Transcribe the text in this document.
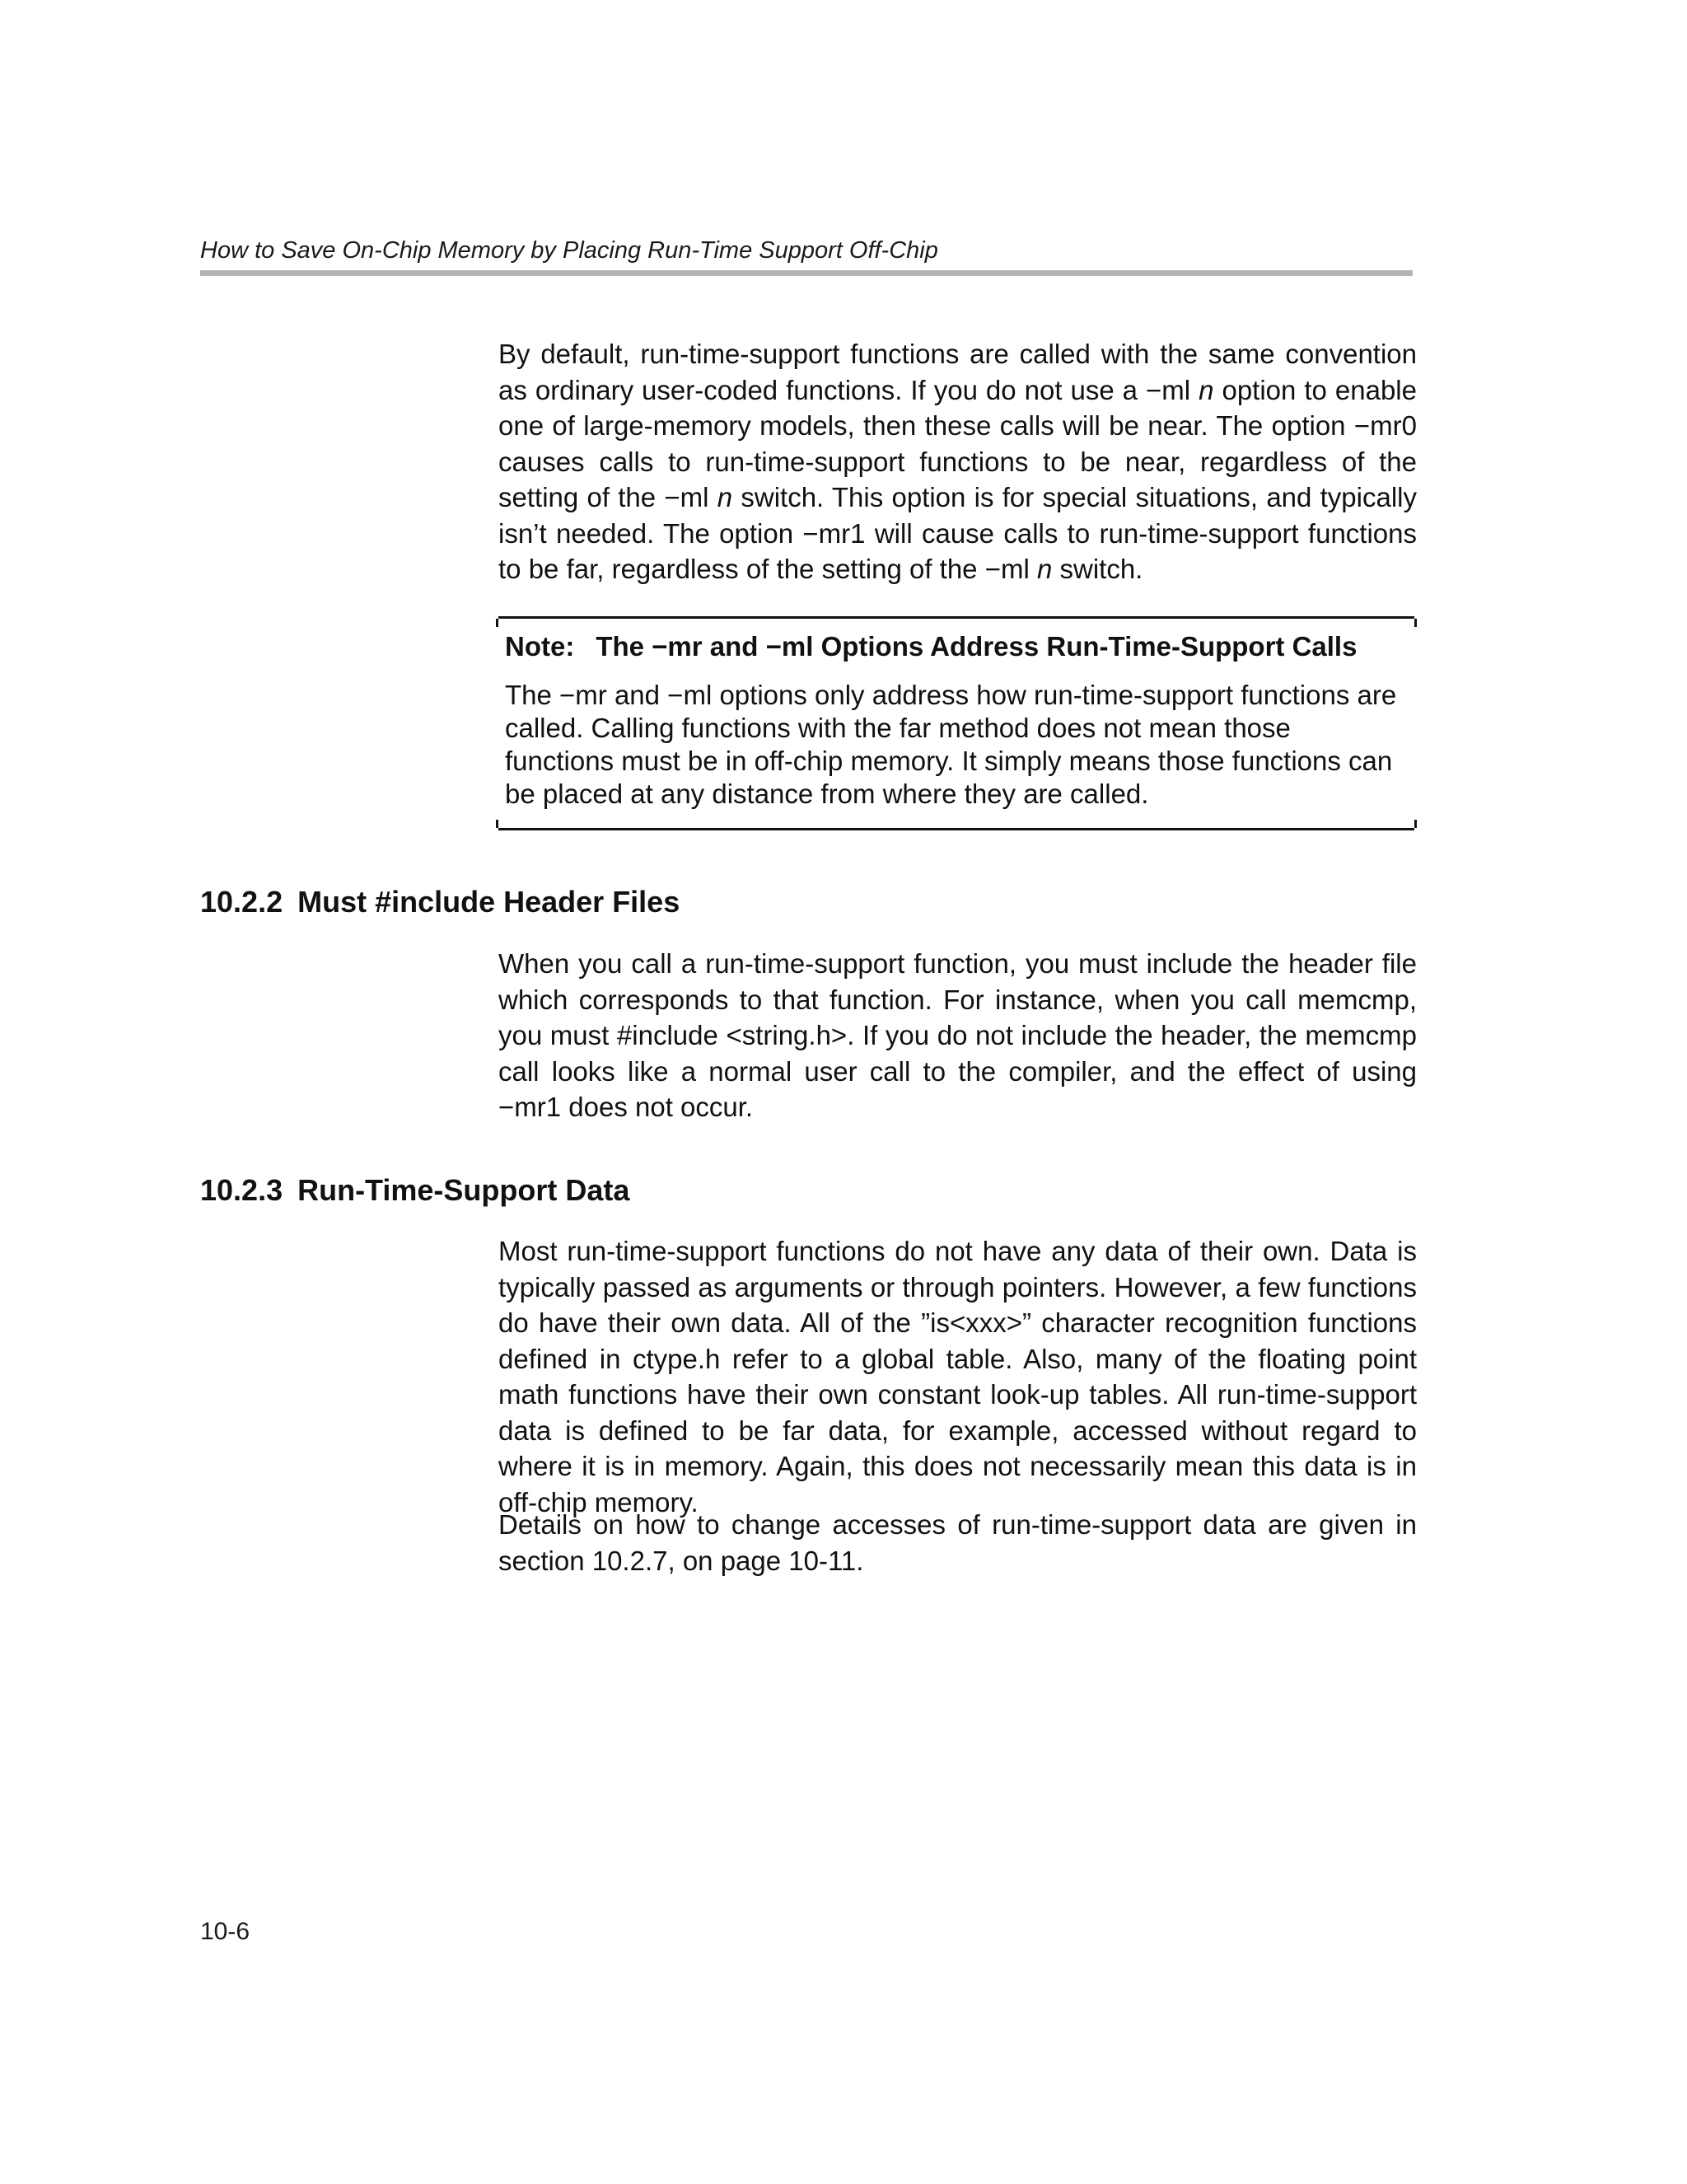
How to Save On-Chip Memory by Placing Run-Time Support Off-Chip

By default, run-time-support functions are called with the same convention as ordinary user-coded functions. If you do not use a −ml n option to enable one of large-memory models, then these calls will be near. The option −mr0 causes calls to run-time-support functions to be near, regardless of the setting of the −ml n switch. This option is for special situations, and typically isn’t needed. The option −mr1 will cause calls to run-time-support functions to be far, regardless of the setting of the −ml n switch.

Note: The −mr and −ml Options Address Run-Time-Support Calls

The −mr and −ml options only address how run-time-support functions are called. Calling functions with the far method does not mean those functions must be in off-chip memory. It simply means those functions can be placed at any distance from where they are called.

10.2.2 Must #include Header Files

When you call a run-time-support function, you must include the header file which corresponds to that function. For instance, when you call memcmp, you must #include <string.h>. If you do not include the header, the memcmp call looks like a normal user call to the compiler, and the effect of using −mr1 does not occur.

10.2.3 Run-Time-Support Data

Most run-time-support functions do not have any data of their own. Data is typically passed as arguments or through pointers. However, a few functions do have their own data. All of the ”is<xxx>” character recognition functions defined in ctype.h refer to a global table. Also, many of the floating point math functions have their own constant look-up tables. All run-time-support data is defined to be far data, for example, accessed without regard to where it is in memory. Again, this does not necessarily mean this data is in off-chip memory.

Details on how to change accesses of run-time-support data are given in section 10.2.7, on page 10-11.

10-6
